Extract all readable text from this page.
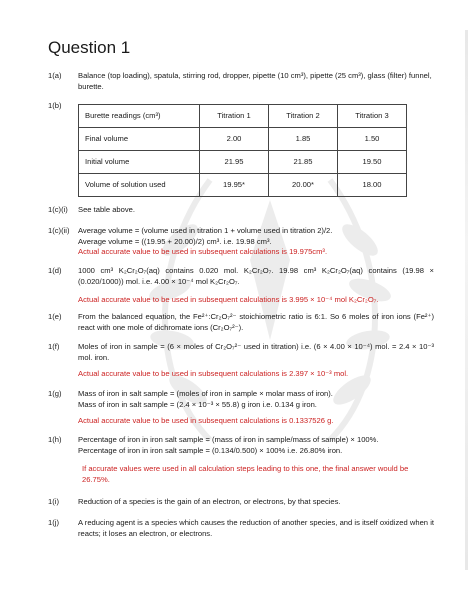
Question 1
1(a)	Balance (top loading), spatula, stirring rod, dropper, pipette (10 cm³), pipette (25 cm³), glass (filter) funnel, burette.
1(b)
Burette readings (cm³)	Titration 1	Titration 2	Titration 3
Final volume	2.00	1.85	1.50
Initial volume	21.95	21.85	19.50
Volume of solution used	19.95*	20.00*	18.00
1(c)(i)	See table above.
1(c)(ii)	Average volume = (volume used in titration 1 + volume used in titration 2)/2.

Average volume = ((19.95 + 20.00)/2) cm³. i.e. 19.98 cm³.

Actual accurate value to be used in subsequent calculations is 19.975cm³.

1(d)	1000 cm³ K₂Cr₂O₇(aq) contains 0.020 mol. K₂Cr₂O₇. 19.98 cm³ K₂Cr₂O₇(aq) contains (19.98 × (0.020/1000)) mol. i.e. 4.00 × 10⁻⁴ mol K₂Cr₂O₇.

Actual accurate value to be used in subsequent calculations is 3.995 × 10⁻⁴ mol K₂Cr₂O₇.

1(e)	From the balanced equation, the Fe²⁺:Cr₂O₇²⁻ stoichiometric ratio is 6:1. So 6 moles of iron ions (Fe²⁺) react with one mole of dichromate ions (Cr₂O₇²⁻).
1(f)	Moles of iron in sample = (6 × moles of Cr₂O₇²⁻ used in titration) i.e. (6 × 4.00 × 10⁻⁴) mol. = 2.4 × 10⁻³ mol. iron.

Actual accurate value to be used in subsequent calculations is 2.397 × 10⁻³ mol.

1(g)	Mass of iron in salt sample = (moles of iron in sample × molar mass of iron).

Mass of iron in salt sample = (2.4 × 10⁻³ × 55.8) g iron i.e. 0.134 g iron.

Actual accurate value to be used in subsequent calculations is 0.1337526 g.

1(h)	Percentage of iron in iron salt sample = (mass of iron in sample/mass of sample) × 100%.

Percentage of iron in iron salt sample = (0.134/0.500) × 100% i.e. 26.80% iron.

If accurate values were used in all calculation steps leading to this one, the final answer would be 26.75%.

1(i)	Reduction of a species is the gain of an electron, or electrons, by that species.
1(j)	A reducing agent is a species which causes the reduction of another species, and is itself oxidized when it reacts; it loses an electron, or electrons.
